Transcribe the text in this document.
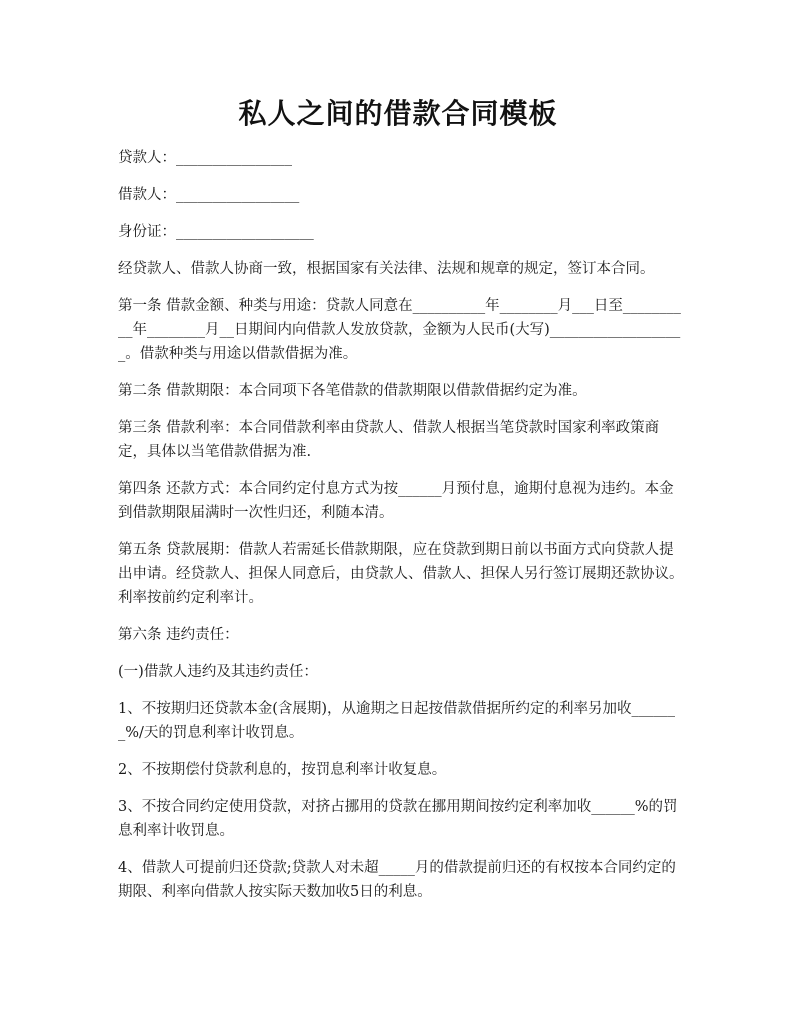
私人之间的借款合同模板

贷款人：________________

借款人：_________________

身份证：___________________

经贷款人、借款人协商一致，根据国家有关法律、法规和规章的规定，签订本合同。

第一条 借款金额、种类与用途：贷款人同意在__________年________月___日至__________年________月__日期间内向借款人发放贷款，金额为人民币(大写)___________________。借款种类与用途以借款借据为准。

第二条 借款期限：本合同项下各笔借款的借款期限以借款借据约定为准。

第三条 借款利率：本合同借款利率由贷款人、借款人根据当笔贷款时国家利率政策商定，具体以当笔借款借据为准.

第四条 还款方式：本合同约定付息方式为按______月预付息，逾期付息视为违约。本金到借款期限届满时一次性归还，利随本清。

第五条 贷款展期：借款人若需延长借款期限，应在贷款到期日前以书面方式向贷款人提出申请。经贷款人、担保人同意后，由贷款人、借款人、担保人另行签订展期还款协议。利率按前约定利率计。

第六条 违约责任：

(一)借款人违约及其违约责任：

1、不按期归还贷款本金(含展期)，从逾期之日起按借款借据所约定的利率另加收_______%/天的罚息利率计收罚息。

2、不按期偿付贷款利息的，按罚息利率计收复息。

3、不按合同约定使用贷款，对挤占挪用的贷款在挪用期间按约定利率加收______%的罚息利率计收罚息。

4、借款人可提前归还贷款;贷款人对未超_____月的借款提前归还的有权按本合同约定的期限、利率向借款人按实际天数加收5日的利息。
